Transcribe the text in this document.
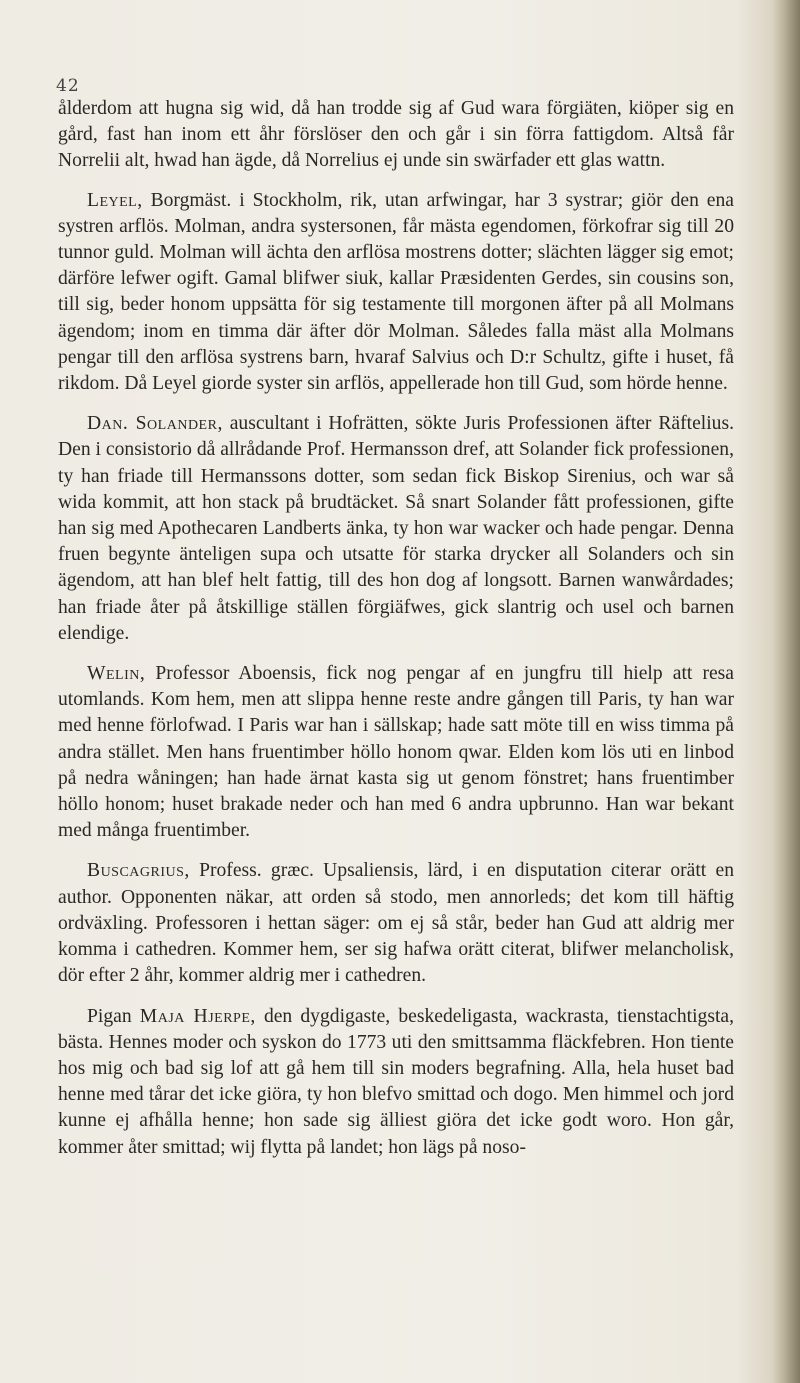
42

ålderdom att hugna sig wid, då han trodde sig af Gud wara förgiäten, kiöper sig en gård, fast han inom ett åhr förslöser den och går i sin förra fattigdom. Altså får Norrelii alt, hwad han ägde, då Norrelius ej unde sin swärfader ett glas wattn.

Leyel, Borgmäst. i Stockholm, rik, utan arfwingar, har 3 systrar; giör den ena systren arflös. Molman, andra systersonen, får mästa egendomen, förkofrar sig till 20 tunnor guld. Molman will ächta den arflösa mostrens dotter; slächten lägger sig emot; därföre lefwer ogift. Gamal blifwer siuk, kallar Præsidenten Gerdes, sin cousins son, till sig, beder honom uppsätta för sig testamente till morgonen äfter på all Molmans ägendom; inom en timma där äfter dör Molman. Således falla mäst alla Molmans pengar till den arflösa systrens barn, hvaraf Salvius och D:r Schultz, gifte i huset, få rikdom. Då Leyel giorde syster sin arflös, appellerade hon till Gud, som hörde henne.

Dan. Solander, auscultant i Hofrätten, sökte Juris Professionen äfter Räftelius. Den i consistorio då allrådande Prof. Hermansson dref, att Solander fick professionen, ty han friade till Hermanssons dotter, som sedan fick Biskop Sirenius, och war så wida kommit, att hon stack på brudtäcket. Så snart Solander fått professionen, gifte han sig med Apothecaren Landberts änka, ty hon war wacker och hade pengar. Denna fruen begynte änteligen supa och utsatte för starka drycker all Solanders och sin ägendom, att han blef helt fattig, till des hon dog af longsott. Barnen wanwårdades; han friade åter på åtskillige ställen förgiäfwes, gick slantrig och usel och barnen elendige.

Welin, Professor Aboensis, fick nog pengar af en jungfru till hielp att resa utomlands. Kom hem, men att slippa henne reste andre gången till Paris, ty han war med henne förlofwad. I Paris war han i sällskap; hade satt möte till en wiss timma på andra stället. Men hans fruentimber höllo honom qwar. Elden kom lös uti en linbod på nedra wåningen; han hade ärnat kasta sig ut genom fönstret; hans fruentimber höllo honom; huset brakade neder och han med 6 andra upbrunno. Han war bekant med många fruentimber.

Buscagrius, Profess. græc. Upsaliensis, lärd, i en disputation citerar orätt en author. Opponenten näkar, att orden så stodo, men annorleds; det kom till häftig ordväxling. Professoren i hettan säger: om ej så står, beder han Gud att aldrig mer komma i cathedren. Kommer hem, ser sig hafwa orätt citerat, blifwer melancholisk, dör efter 2 åhr, kommer aldrig mer i cathedren.

Pigan Maja Hjerpe, den dygdigaste, beskedeligasta, wackrasta, tienstachtigsta, bästa. Hennes moder och syskon do 1773 uti den smittsamma fläckfebren. Hon tiente hos mig och bad sig lof att gå hem till sin moders begrafning. Alla, hela huset bad henne med tårar det icke giöra, ty hon blefvo smittad och dogo. Men himmel och jord kunne ej afhålla henne; hon sade sig älliest giöra det icke godt woro. Hon går, kommer åter smittad; wij flytta på landet; hon lägs på noso-
